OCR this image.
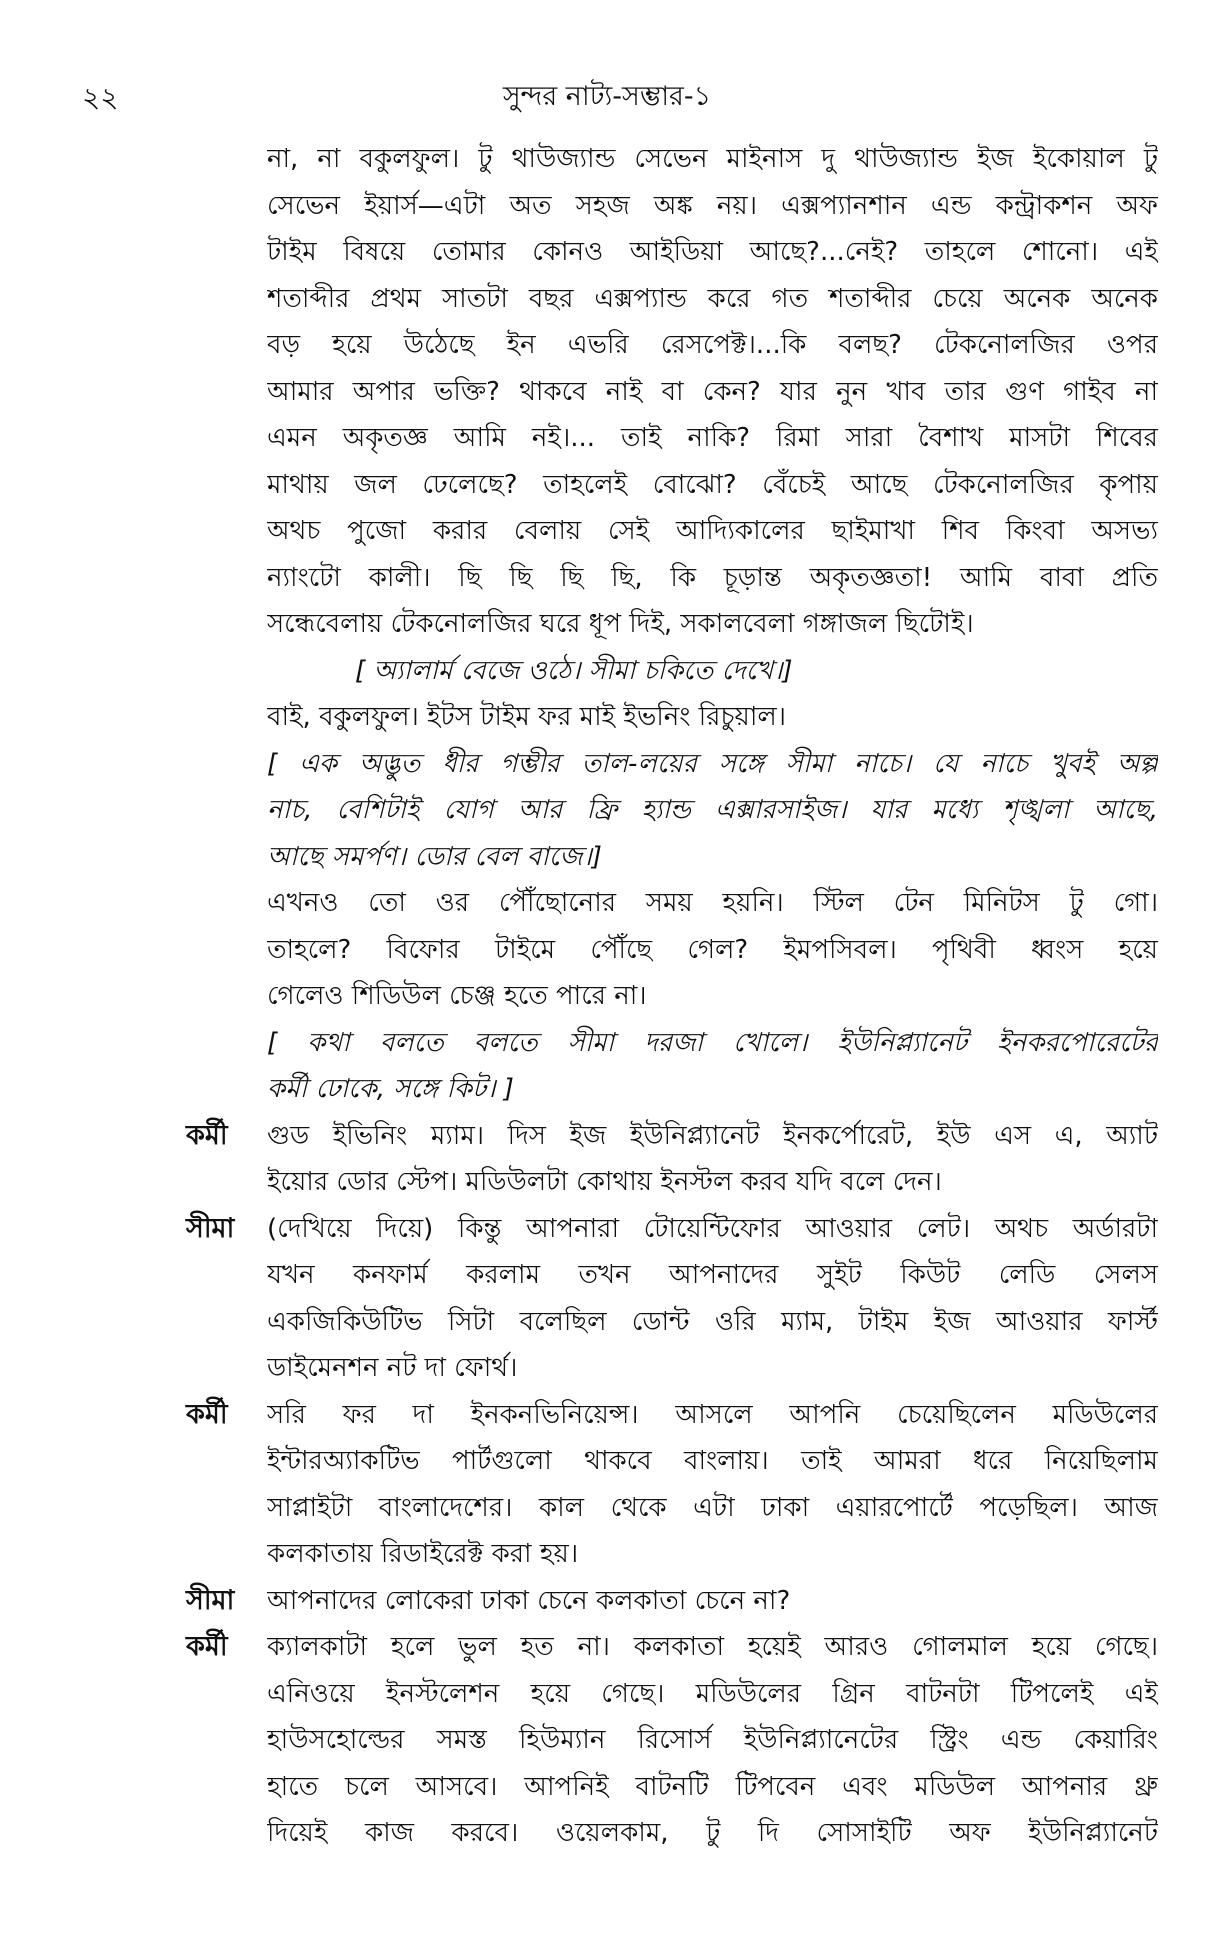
২২	সুন্দর নাট্য-সম্ভার-১
না, না বকুলফুল। টু থাউজ্যান্ড সেভেন মাইনাস দু থাউজ্যান্ড ইজ ইকোয়াল টু
সেভেন ইয়ার্স—এটা অত সহজ অঙ্ক নয়। এক্সপ্যানশান এন্ড কন্ট্রাকশন অফ
টাইম বিষয়ে তোমার কোনও আইডিয়া আছে?...নেই? তাহলে শোনো। এই
শতাব্দীর প্রথম সাতটা বছর এক্সপ্যান্ড করে গত শতাব্দীর চেয়ে অনেক অনেক
বড় হয়ে উঠেছে ইন এভরি রেসপেক্ট।...কি বলছ? টেকনোলজির ওপর
আমার অপার ভক্তি? থাকবে নাই বা কেন? যার নুন খাব তার গুণ গাইব না
এমন অকৃতজ্ঞ আমি নই।... তাই নাকি? রিমা সারা বৈশাখ মাসটা শিবের
মাথায় জল ঢেলেছে? তাহলেই বোঝো? বেঁচেই আছে টেকনোলজির কৃপায়
অথচ পুজো করার বেলায় সেই আদ্যিকালের ছাইমাখা শিব কিংবা অসভ্য
ন্যাংটো কালী। ছি ছি ছি ছি, কি চূড়ান্ত অকৃতজ্ঞতা! আমি বাবা প্রতি
সন্ধেবেলায় টেকনোলজির ঘরে ধূপ দিই, সকালবেলা গঙ্গাজল ছিটোই।
[ অ্যালার্ম বেজে ওঠে। সীমা চকিতে দেখে।]
বাই, বকুলফুল। ইটস টাইম ফর মাই ইভনিং রিচুয়াল।
[ এক অদ্ভুত ধীর গম্ভীর তাল-লয়ের সঙ্গে সীমা নাচে। যে নাচে খুবই অল্প
নাচ, বেশিটাই যোগ আর ফ্রি হ্যান্ড এক্সারসাইজ। যার মধ্যে শৃঙ্খলা আছে,
আছে সমর্পণ। ডোর বেল বাজে।]
এখনও তো ওর পৌঁছোনোর সময় হয়নি। স্টিল টেন মিনিটস টু গো।
তাহলে? বিফোর টাইমে পৌঁছে গেল? ইমপসিবল। পৃথিবী ধ্বংস হয়ে
গেলেও শিডিউল চেঞ্জ হতে পারে না।
[ কথা বলতে বলতে সীমা দরজা খোলে। ইউনিপ্ল্যানেট ইনকরপোরেটের
কর্মী ঢোকে, সঙ্গে কিট। ]
কর্মী গুড ইভিনিং ম্যাম। দিস ইজ ইউনিপ্ল্যানেট ইনকর্পোরেট, ইউ এস এ, অ্যাট
ইয়োর ডোর স্টেপ। মডিউলটা কোথায় ইনস্টল করব যদি বলে দেন।
সীমা (দেখিয়ে দিয়ে) কিন্তু আপনারা টোয়েন্টিফোর আওয়ার লেট। অথচ অর্ডারটা
যখন কনফার্ম করলাম তখন আপনাদের সুইট কিউট লেডি সেলস
একজিকিউটিভ সিটা বলেছিল ডোন্ট ওরি ম্যাম, টাইম ইজ আওয়ার ফার্স্ট
ডাইমেনশন নট দা ফোর্থ।
কর্মী সরি ফর দা ইনকনভিনিয়েন্স। আসলে আপনি চেয়েছিলেন মডিউলের
ইন্টারঅ্যাকটিভ পার্টগুলো থাকবে বাংলায়। তাই আমরা ধরে নিয়েছিলাম
সাপ্লাইটা বাংলাদেশের। কাল থেকে এটা ঢাকা এয়ারপোর্টে পড়েছিল। আজ
কলকাতায় রিডাইরেক্ট করা হয়।
সীমা আপনাদের লোকেরা ঢাকা চেনে কলকাতা চেনে না?
কর্মী ক্যালকাটা হলে ভুল হত না। কলকাতা হয়েই আরও গোলমাল হয়ে গেছে।
এনিওয়ে ইনস্টলেশন হয়ে গেছে। মডিউলের গ্রিন বাটনটা টিপলেই এই
হাউসহোল্ডের সমস্ত হিউম্যান রিসোর্স ইউনিপ্ল্যানেটের স্ট্রিং এন্ড কেয়ারিং
হাতে চলে আসবে। আপনিই বাটনটি টিপবেন এবং মডিউল আপনার থ্রু
দিয়েই কাজ করবে। ওয়েলকাম, টু দি সোসাইটি অফ ইউনিপ্ল্যানেট
